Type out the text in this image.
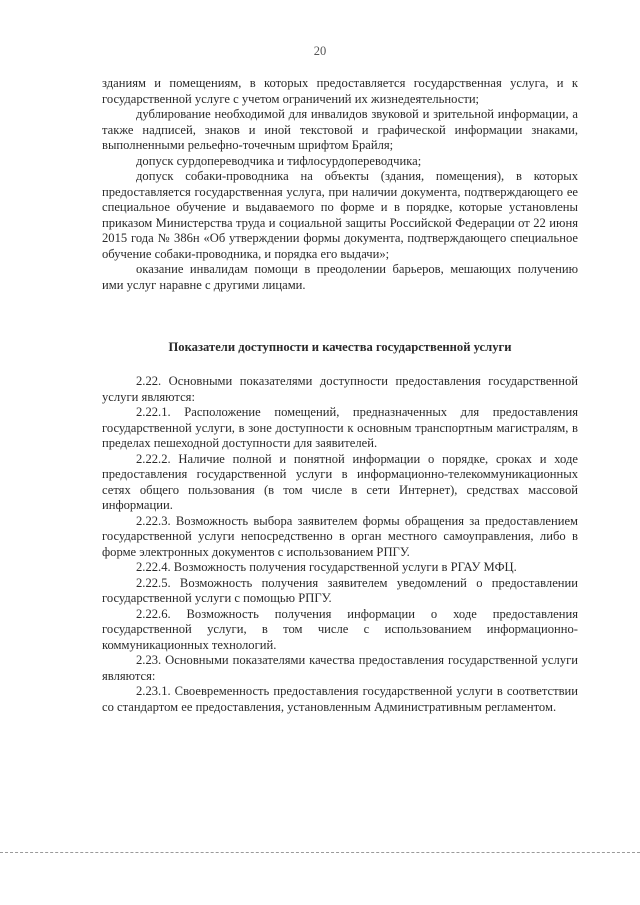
20

зданиям и помещениям, в которых предоставляется государственная услуга, и к государственной услуге с учетом ограничений их жизнедеятельности;

дублирование необходимой для инвалидов звуковой и зрительной информации, а также надписей, знаков и иной текстовой и графической информации знаками, выполненными рельефно-точечным шрифтом Брайля;

допуск сурдопереводчика и тифлосурдопереводчика;

допуск собаки-проводника на объекты (здания, помещения), в которых предоставляется государственная услуга, при наличии документа, подтверждающего ее специальное обучение и выдаваемого по форме и в порядке, которые установлены приказом Министерства труда и социальной защиты Российской Федерации от 22 июня 2015 года № 386н «Об утверждении формы документа, подтверждающего специальное обучение собаки-проводника, и порядка его выдачи»;

оказание инвалидам помощи в преодолении барьеров, мешающих получению ими услуг наравне с другими лицами.

Показатели доступности и качества государственной услуги

2.22. Основными показателями доступности предоставления государственной услуги являются:

2.22.1. Расположение помещений, предназначенных для предоставления государственной услуги, в зоне доступности к основным транспортным магистралям, в пределах пешеходной доступности для заявителей.

2.22.2. Наличие полной и понятной информации о порядке, сроках и ходе предоставления государственной услуги в информационно-телекоммуникационных сетях общего пользования (в том числе в сети Интернет), средствах массовой информации.

2.22.3. Возможность выбора заявителем формы обращения за предоставлением государственной услуги непосредственно в орган местного самоуправления, либо в форме электронных документов с использованием РПГУ.

2.22.4. Возможность получения государственной услуги в РГАУ МФЦ.

2.22.5. Возможность получения заявителем уведомлений о предоставлении государственной услуги с помощью РПГУ.

2.22.6. Возможность получения информации о ходе предоставления государственной услуги, в том числе с использованием информационно-коммуникационных технологий.

2.23. Основными показателями качества предоставления государственной услуги являются:

2.23.1. Своевременность предоставления государственной услуги в соответствии со стандартом ее предоставления, установленным Административным регламентом.
